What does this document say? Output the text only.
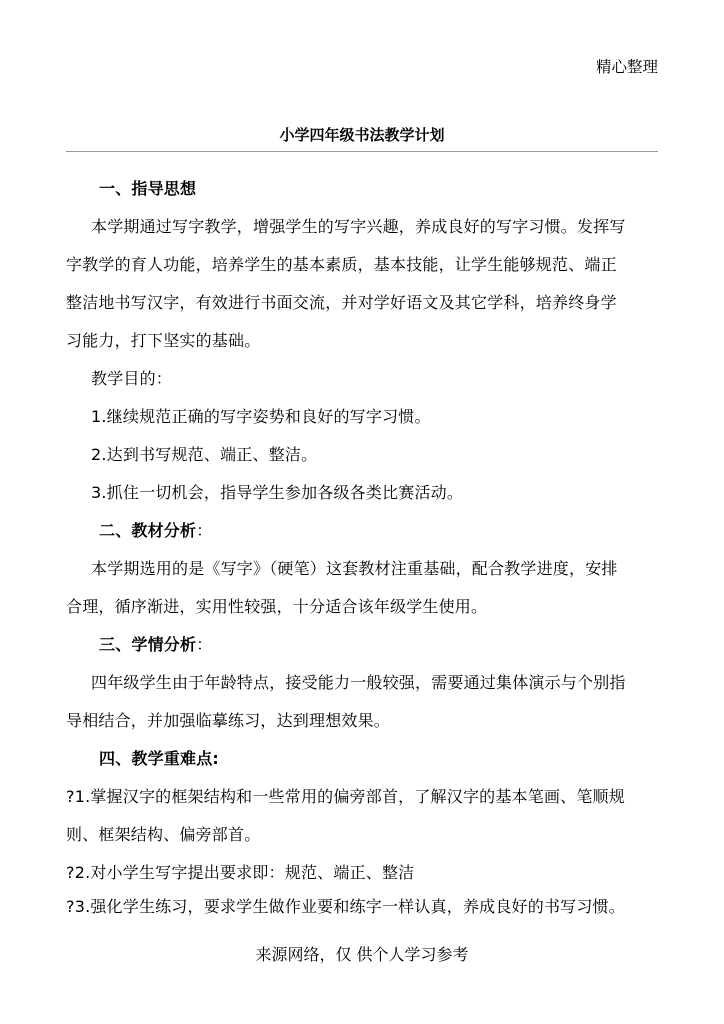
精心整理
小学四年级书法教学计划
一、指导思想
本学期通过写字教学，增强学生的写字兴趣，养成良好的写字习惯。发挥写
字教学的育人功能，培养学生的基本素质，基本技能，让学生能够规范、端正
整洁地书写汉字，有效进行书面交流，并对学好语文及其它学科，培养终身学
习能力，打下坚实的基础。
教学目的：
1.继续规范正确的写字姿势和良好的写字习惯。
2.达到书写规范、端正、整洁。
3.抓住一切机会，指导学生参加各级各类比赛活动。
二、教材分析：
本学期选用的是《写字》（硬笔）这套教材注重基础，配合教学进度，安排
合理，循序渐进，实用性较强，十分适合该年级学生使用。
三、学情分析：
四年级学生由于年龄特点，接受能力一般较强，需要通过集体演示与个别指
导相结合，并加强临摹练习，达到理想效果。
四、教学重难点:
?1.掌握汉字的框架结构和一些常用的偏旁部首，了解汉字的基本笔画、笔顺规
则、框架结构、偏旁部首。
?2.对小学生写字提出要求即：规范、端正、整洁
?3.强化学生练习，要求学生做作业要和练字一样认真，养成良好的书写习惯。
来源网络，仅 供个人学习参考
